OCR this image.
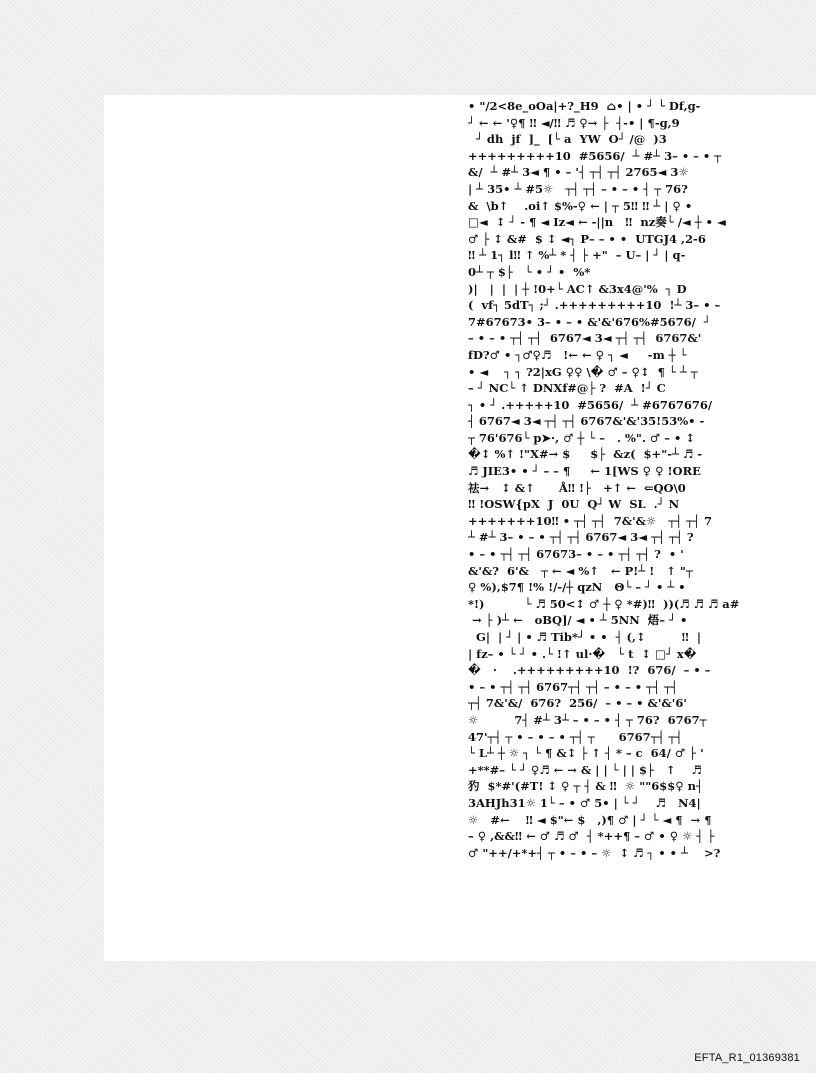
• "/2<8e_oOa|+?_H9  ⌂• | • ┘ └ Df,g-
┘ ← ← '♀¶ ‼ ◄/‼ ♬ ♀→ ├  ┤-• | ¶-g,9
┘ dh  jf  ]_  [└ a  YW  O┘ /@  )3
+++++++++10  #5656/  ┴ #┴ 3– • – • ┬
&/  ┴ #┴ 3◄ ¶ • – '┤ ┬┤ ┬┤ 2765◄ 3☼
| ┴ 35• ┴ #5☼   ┬┤ ┬┤ – • – • ┤ ┬ 76?
&  \b↑    .oi↑ $%-♀ ← | ┬ 5‼ ‼ ┴ | ♀ •
□◄  ↕ ┘ - ¶ ◄ Iz◄ ← -||n   ‼  nz奏└ /◄ ┼ • ◄
♂ ├ ↕ &#  $ ↕ ◄┐ P– – • •  UTGJ4 ,2-6
‼ ┴ 1┐ l‼ ↑ %┴ * ┤ ├ +"  – U– | ┘ | q-
0┴ ┬ $├   └ • ┘ •  %*
)|   |  |  | ┼ !0+└ AC↑ &3x4@'%  ┐ D
(  vf┐ 5dT┐ ;┘ .+++++++++10  !┴ 3– • –
7#67673• 3– • – • &'&'676%#5676/  ┘
– • – • ┬┤ ┬┤  6767◄ 3◄ ┬┤ ┬┤  6767&'
fD?♂ • ┐♂♀♬   !← ← ♀ ┐ ◄     -m ┼ └
• ◄    ┐ ┐ ?2|xG ♀♀ \� ♂ – ♀↕  ¶ └ ┴ ┬
– ┘ NC└ ↑ DNXf#@├ ?  #A  !┘ C
┐ • ┘ .+++++10  #5656/  ┴ #6767676/
┤ 6767◄ 3◄ ┬┤ ┬┤ 6767&'&'35!53%• -
┬ 76'676└ p➤·, ♂ ┼ └ –   . %". ♂ – • ↕
�↕ %↑ !"X#→ $     $├  &z(  $+"-┴ ♬ -
♬ JIE3• • ┘ – – ¶     ← 1[WS ♀ ♀ !ORE
祛→   ↕ &↑      Å‼ !├   +↑ ←  ⇐QO\0
‼ !OSW{pX  J  0U  Q┘ W  SL  .┘ N
+++++++10‼ • ┬┤ ┬┤  7&'&☼   ┬┤ ┬┤ 7
┴ #┴ 3– • – • ┬┤ ┬┤ 6767◄ 3◄ ┬┤ ┬┤ ?
• – • ┬┤ ┬┤ 67673– • – • ┬┤ ┬┤ ?  • '
&'&?  6'&   ┬ ← ◄ %↑   ← P!┴ !   ↑ "┬
♀ %),$7¶ !% !/-/┼ qzN   Θ└ – ┘ • ┴ •
*!)          └ ♬ 50<↕ ♂ ┼ ♀ *#)‼  ))(♬ ♬ ♬ a#
→ ├ )┴ ←   oBQ]/ ◄ • ┴ 5NN  焐– ┘ •
G|  | ┘ | • ♬ Tib*┘ • •  ┤ (,↕         ‼  |
| fz– • └ ┘ • .└ !↑ ul·�   └ t  ↕ □┘ x�
�   ·    .+++++++++10  !?  676/  – • –
• – • ┬┤ ┬┤ 6767┬┤ ┬┤ – • – • ┬┤ ┬┤
┬┤ 7&'&/  676?  256/  – • – • &'&'6'
☼         7┤ #┴ 3┴ – • – • ┤ ┬ 76?  6767┬
47'┬┤ ┬ • – • – • ┬┤ ┬      6767┬┤ ┬┤
└ L┴ ┼ ☼ ┐ └ ¶ &↕ ├ ↑ ┤ * – c  64/ ♂ ├ '
+**#– └ ┘ ♀♬ ← → & | | └ | | $├   ↑    ♬
犳  $*#'(#T! ↕ ♀ ┬ ┤ & ‼  ☼ ""6$$♀ n┤
3AHJh31☼ 1└ – • ♂ 5• | └ ┘    ♬   N4|
☼   #←    ‼ ◄ $"← $   ,)¶ ♂ | ┘ └ ◄ ¶  → ¶
– ♀ ,&&‼ ← ♂ ♬ ♂  ┤ *++¶ – ♂ • ♀ ☼ ┤ ├
♂ "++/+*+┤ ┬ • – • – ☼  ↕ ♬ ┐ • • ┴    >?
EFTA_R1_01369381
